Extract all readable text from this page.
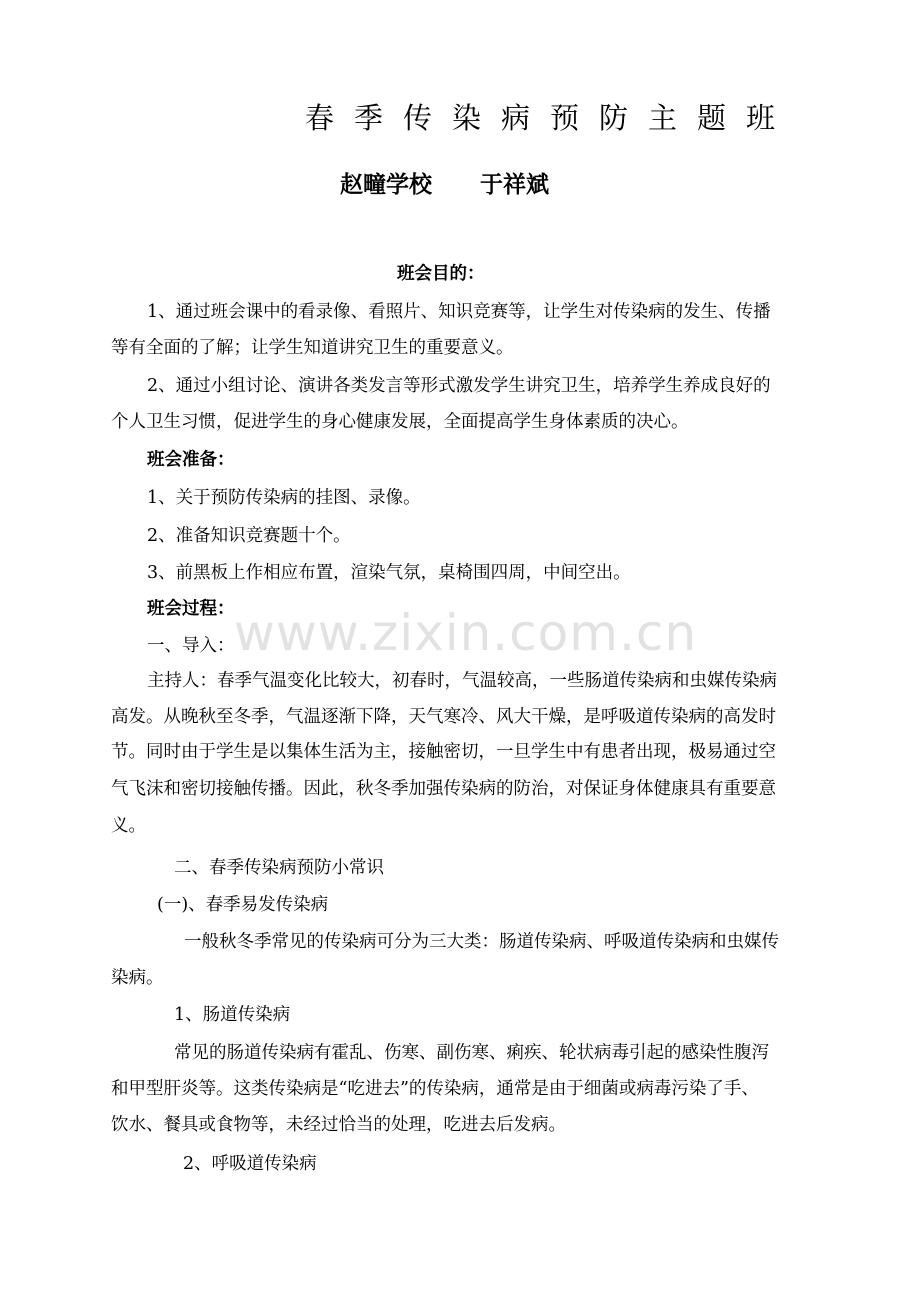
www.zixin.com.cn
春季传染病预防主题班
赵疃学校 于祥斌
班会目的：
1、通过班会课中的看录像、看照片、知识竞赛等，让学生对传染病的发生、传播
等有全面的了解；让学生知道讲究卫生的重要意义。
2、通过小组讨论、演讲各类发言等形式激发学生讲究卫生，培养学生养成良好的
个人卫生习惯，促进学生的身心健康发展，全面提高学生身体素质的决心。
班会准备：
1、关于预防传染病的挂图、录像。
2、准备知识竞赛题十个。
3、前黑板上作相应布置，渲染气氛，桌椅围四周，中间空出。
班会过程：
一、导入：
主持人：春季气温变化比较大，初春时，气温较高，一些肠道传染病和虫媒传染病
高发。从晚秋至冬季，气温逐渐下降，天气寒冷、风大干燥，是呼吸道传染病的高发时
节。同时由于学生是以集体生活为主，接触密切，一旦学生中有患者出现，极易通过空
气飞沫和密切接触传播。因此，秋冬季加强传染病的防治，对保证身体健康具有重要意
义。
二、春季传染病预防小常识
(一)、春季易发传染病
一般秋冬季常见的传染病可分为三大类：肠道传染病、呼吸道传染病和虫媒传
染病。
1、肠道传染病
常见的肠道传染病有霍乱、伤寒、副伤寒、痢疾、轮状病毒引起的感染性腹泻
和甲型肝炎等。这类传染病是“吃进去”的传染病，通常是由于细菌或病毒污染了手、
饮水、餐具或食物等，未经过恰当的处理，吃进去后发病。
2、呼吸道传染病
